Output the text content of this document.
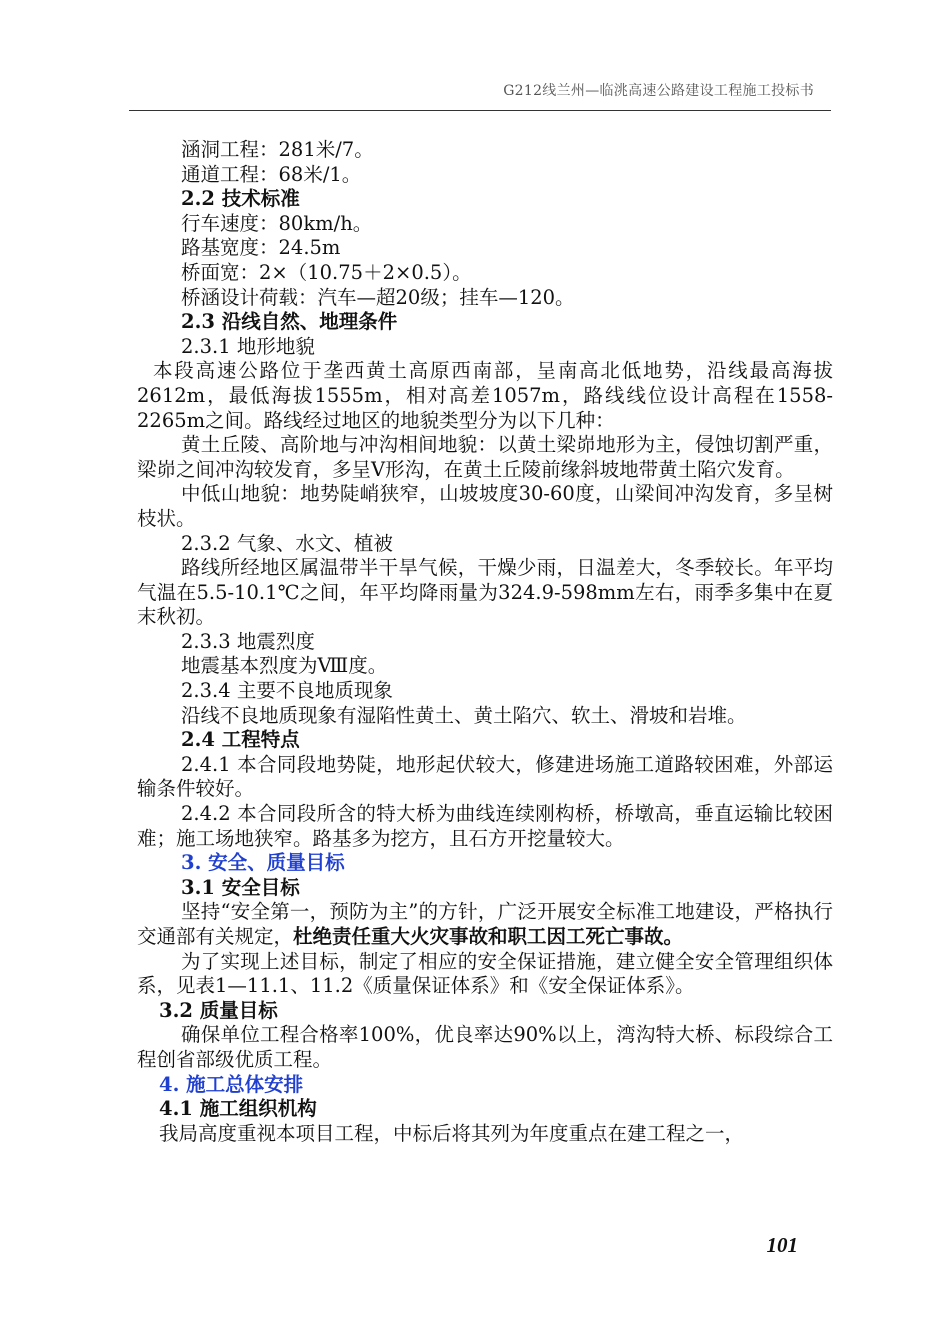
G212线兰州—临洮高速公路建设工程施工投标书

涵洞工程：281米/7。

通道工程：68米/1。

2.2 技术标准

行车速度：80km/h。

路基宽度：24.5m

桥面宽：2×（10.75＋2×0.5）。

桥涵设计荷载：汽车—超20级；挂车—120。

2.3 沿线自然、地理条件

2.3.1 地形地貌

本段高速公路位于垄西黄土高原西南部，呈南高北低地势，沿线最高海拔2612m，最低海拔1555m，相对高差1057m，路线线位设计高程在1558-2265m之间。路线经过地区的地貌类型分为以下几种：

黄土丘陵、高阶地与冲沟相间地貌：以黄土梁峁地形为主，侵蚀切割严重，梁峁之间冲沟较发育，多呈V形沟，在黄土丘陵前缘斜坡地带黄土陷穴发育。

中低山地貌：地势陡峭狭窄，山坡坡度30-60度，山梁间冲沟发育，多呈树枝状。

2.3.2 气象、水文、植被

路线所经地区属温带半干旱气候，干燥少雨，日温差大，冬季较长。年平均气温在5.5-10.1℃之间，年平均降雨量为324.9-598mm左右，雨季多集中在夏末秋初。

2.3.3 地震烈度

地震基本烈度为Ⅷ度。

2.3.4 主要不良地质现象

沿线不良地质现象有湿陷性黄土、黄土陷穴、软土、滑坡和岩堆。

2.4 工程特点

2.4.1 本合同段地势陡，地形起伏较大，修建进场施工道路较困难，外部运输条件较好。

2.4.2 本合同段所含的特大桥为曲线连续刚构桥，桥墩高，垂直运输比较困难；施工场地狭窄。路基多为挖方，且石方开挖量较大。

3. 安全、质量目标

3.1 安全目标

坚持“安全第一，预防为主”的方针，广泛开展安全标准工地建设，严格执行交通部有关规定，杜绝责任重大火灾事故和职工因工死亡事故。

为了实现上述目标，制定了相应的安全保证措施，建立健全安全管理组织体系，见表1—11.1、11.2《质量保证体系》和《安全保证体系》。

3.2 质量目标

确保单位工程合格率100%，优良率达90%以上，湾沟特大桥、标段综合工程创省部级优质工程。

4. 施工总体安排

4.1 施工组织机构

我局高度重视本项目工程，中标后将其列为年度重点在建工程之一，

101
